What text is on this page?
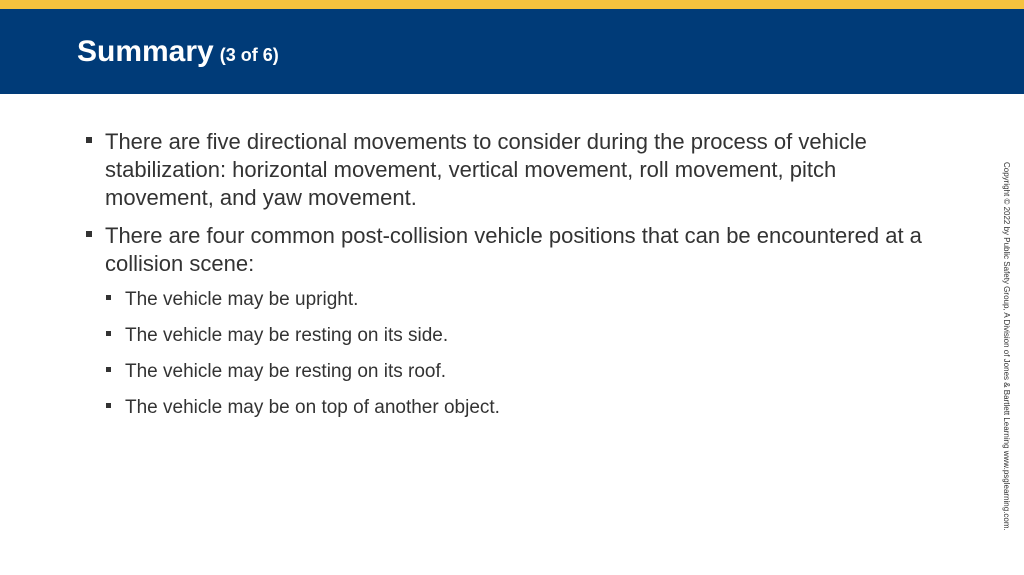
Summary (3 of 6)
There are five directional movements to consider during the process of vehicle stabilization: horizontal movement, vertical movement, roll movement, pitch movement, and yaw movement.
There are four common post-collision vehicle positions that can be encountered at a collision scene:
The vehicle may be upright.
The vehicle may be resting on its side.
The vehicle may be resting on its roof.
The vehicle may be on top of another object.	Copyright © 2022 by Public Safety Group, A Division of Jones & Bartlett Learning www.psglearning.com.
